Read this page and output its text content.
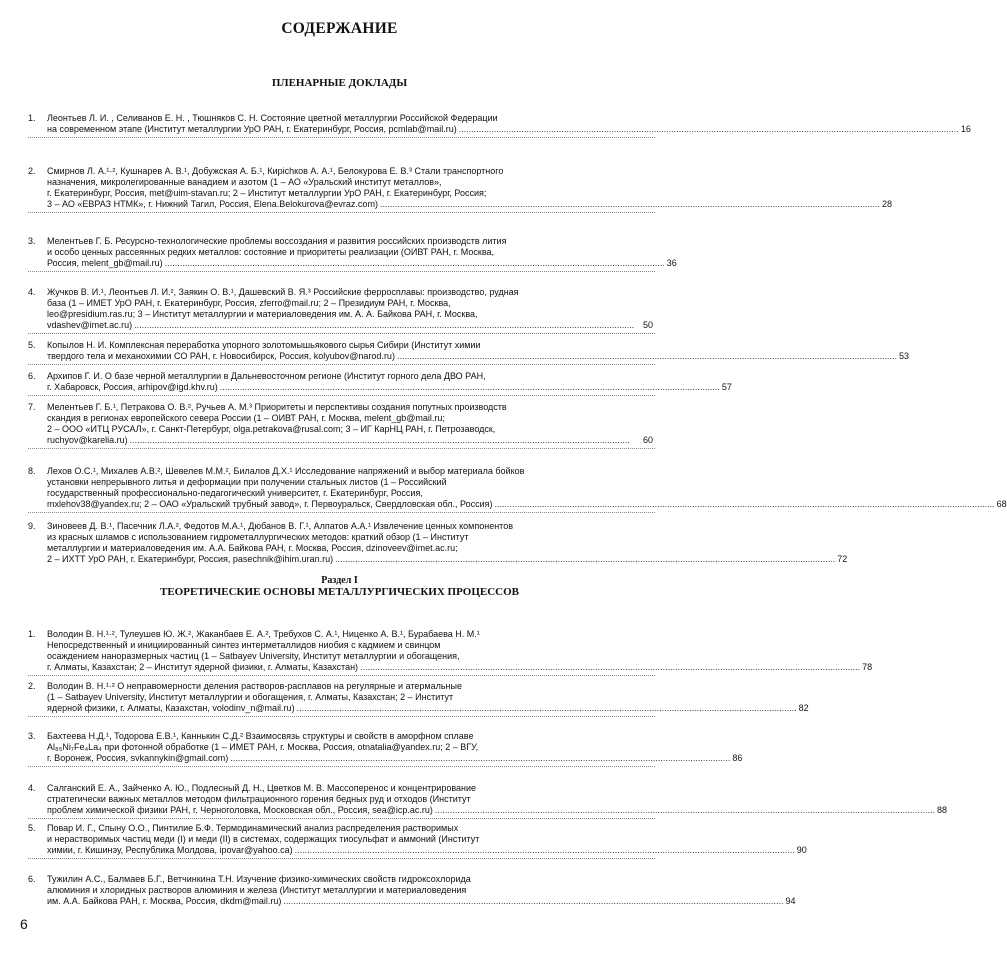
СОДЕРЖАНИЕ
ПЛЕНАРНЫЕ ДОКЛАДЫ
Раздел I
ТЕОРЕТИЧЕСКИЕ ОСНОВЫ МЕТАЛЛУРГИЧЕСКИХ ПРОЦЕССОВ
1. Леонтьев Л. И. , Селиванов Е. Н. , Тюшняков С. Н. Состояние цветной металлургии Российской Федерации
на современном этапе (Институт металлургии УрО РАН, г. Екатеринбург, Россия, pcmlab@mail.ru) ........................................................................................................................................................................................................ 16
2. Смирнов Л. А.¹·², Кушнарев А. В.¹, Добужская А. Б.¹, Кирichков А. А.¹, Белокурова Е. В.³ Стали транспортного
назначения, микролегированные ванадием и азотом (1 – АО «Уральский институт металлов»,
г. Екатеринбург, Россия, met@uim-stavan.ru; 2 – Институт металлургии УрО РАН, г. Екатеринбург, Россия;
3 – АО «ЕВРАЗ НТМК», г. Нижний Тагил, Россия, Elena.Belokurova@evraz.com) ........................................................................................................................................................................................................ 28
3. Мелентьев Г. Б. Ресурсно-технологические проблемы воссоздания и развития российских производств лития
и особо ценных рассеянных редких металлов: состояние и приоритеты реализации (ОИВТ РАН, г. Москва,
Россия, melent_gb@mail.ru) ........................................................................................................................................................................................................ 36
4. Жучков В. И.¹, Леонтьев Л. И.², Заякин О. В.¹, Дашевский В. Я.³ Российские ферросплавы: производство, рудная
база (1 – ИМЕТ УрО РАН, г. Екатеринбург, Россия, zferro@mail.ru; 2 – Президиум РАН, г. Москва,
leo@presidium.ras.ru; 3 – Институт металлургии и материаловедения им. А. А. Байкова РАН, г. Москва,
vdashev@imet.ac.ru) ........................................................................................................................................................................................................ 50
5. Копылов Н. И. Комплексная переработка упорного золотомышьякового сырья Сибири (Институт химии
твердого тела и механохимии СО РАН, г. Новосибирск, Россия, kolyubov@narod.ru) ........................................................................................................................................................................................................ 53
6. Архипов Г. И. О базе черной металлургии в Дальневосточном регионе (Институт горного дела ДВО РАН,
г. Хабаровск, Россия, arhipov@igd.khv.ru) ........................................................................................................................................................................................................ 57
7. Мелентьев Г. Б.¹, Петракова О. В.², Ручьев А. М.³ Приоритеты и перспективы создания попутных производств
скандия в регионах европейского севера России (1 – ОИВТ РАН, г. Москва, melent_gb@mail.ru;
2 – ООО «ИТЦ РУСАЛ», г. Санкт-Петербург, olga.petrakova@rusal.com; 3 – ИГ КарНЦ РАН, г. Петрозаводск,
ruchyov@karelia.ru) ........................................................................................................................................................................................................	60
8. Лехов О.С.¹, Михалев А.В.², Шевелев М.М.², Билалов Д.Х.¹ Исследование напряжений и выбор материала бойков
установки непрерывного литья и деформации при получении стальных листов (1 – Российский
государственный профессионально-педагогический университет, г. Екатеринбург, Россия,
mxlehov38@yandex.ru; 2 – ОАО «Уральский трубный завод», г. Первоуральск, Свердловская обл., Россия) ........................................................................................................................................................................................................ 68
9. Зиновеев Д. В.¹, Пасечник Л.А.², Федотов М.А.¹, Дюбанов В. Г.¹, Алпатов А.А.¹ Извлечение ценных компонентов
из красных шламов с использованием гидрометаллургических методов: краткий обзор (1 – Институт
металлургии и материаловедения им. А.А. Байкова РАН, г. Москва, Россия, dzinoveev@imet.ac.ru;
2 – ИХТТ УрО РАН, г. Екатеринбург, Россия, pasechnik@ihim.uran.ru) ........................................................................................................................................................................................................ 72
1. Володин В. Н.¹·², Тулеушев Ю. Ж.², Жаканбаев Е. А.², Требухов С. А.¹, Ниценко А. В.¹, Бурабаева Н. М.¹
Непосредственный и инициированный синтез интерметаллидов ниобия с кадмием и свинцом
осаждением наноразмерных частиц (1 – Satbayev University, Институт металлургии и обогащения,
г. Алматы, Казахстан; 2 – Институт ядерной физики, г. Алматы, Казахстан) ........................................................................................................................................................................................................ 78
2. Володин В. Н.¹·² О неправомерности деления растворов-расплавов на регулярные и атермальные
(1 – Satbayev University, Институт металлургии и обогащения, г. Алматы, Казахстан; 2 – Институт
ядерной физики, г. Алматы, Казахстан, volodinv_n@mail.ru) ........................................................................................................................................................................................................ 82
3. Бахтеева Н.Д.¹, Тодорова Е.В.¹, Каннькин С.Д.² Взаимосвязь структуры и свойств в аморфном сплаве
Al₈₅Ni₇Fe₄La₄ при фотонной обработке (1 – ИМЕТ РАН, г. Москва, Россия, otnatalia@yandex.ru; 2 – ВГУ,
г. Воронеж, Россия, svkannykin@gmail.com) ........................................................................................................................................................................................................ 86
4. Салганский Е. А., Зайченко А. Ю., Подлесный Д. Н., Цветков М. В. Массоперенос и концентрирование
стратегически важных металлов методом фильтрационного горения бедных руд и отходов (Институт
проблем химической физики РАН, г. Черноголовка, Московская обл., Россия, sea@icp.ac.ru) ........................................................................................................................................................................................................ 88
5. Повар И. Г., Спыну О.О., Пинтилие Б.Ф. Термодинамический анализ распределения растворимых
и нерастворимых частиц меди (I) и меди (II) в системах, содержащих тиосульфат и аммоний (Институт
химии, г. Кишинэу, Республика Молдова, ipovar@yahoo.ca) ........................................................................................................................................................................................................ 90
6. Тужилин А.С., Балмаев Б.Г., Ветчинкина Т.Н. Изучение физико-химических свойств гидроксохлорида
алюминия и хлоридных растворов алюминия и железа (Институт металлургии и материаловедения
им. А.А. Байкова РАН, г. Москва, Россия, dkdm@mail.ru) ........................................................................................................................................................................................................ 94
6
